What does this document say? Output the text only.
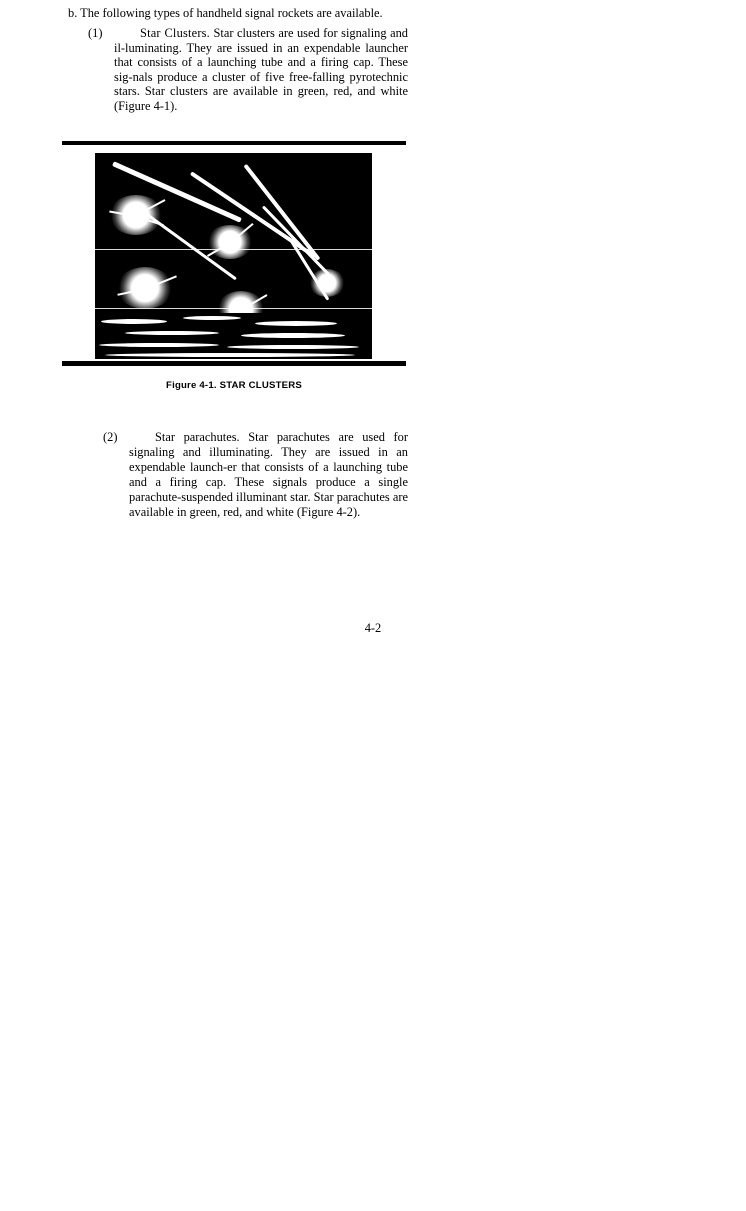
b. The following types of handheld signal rockets are available.
(1)	Star Clusters. Star clusters are used for signaling and il-luminating. They are issued in an expendable launcher that consists of a launching tube and a firing cap. These sig-nals produce a cluster of five free-falling pyrotechnic stars. Star clusters are available in green, red, and white (Figure 4-1).
Figure 4-1. STAR CLUSTERS
(2)	Star parachutes. Star parachutes are used for signaling and illuminating. They are issued in an expendable launch-er that consists of a launching tube and a firing cap. These signals produce a single parachute-suspended illuminant star. Star parachutes are available in green, red, and white (Figure 4-2).
4-2
